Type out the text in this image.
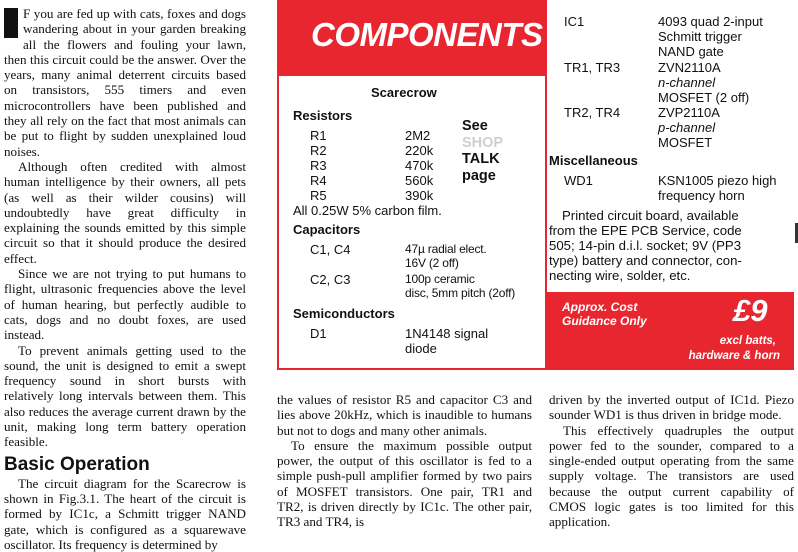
F you are fed up with cats, foxes and dogs wandering about in your garden breaking all the flowers and fouling your lawn, then this circuit could be the answer. Over the years, many animal deterrent circuits based on transistors, 555 timers and even microcontrollers have been published and they all rely on the fact that most animals can be put to flight by sudden unexplained loud noises.

Although often credited with almost human intelligence by their owners, all pets (as well as their wilder cousins) will undoubtedly have great difficulty in explaining the sounds emitted by this simple circuit so that it should produce the desired effect.

Since we are not trying to put humans to flight, ultrasonic frequencies above the level of human hearing, but perfectly audible to cats, dogs and no doubt foxes, are used instead.

To prevent animals getting used to the sound, the unit is designed to emit a swept frequency sound in short bursts with relatively long intervals between them. This also reduces the average current drawn by the unit, making long term battery operation feasible.

Basic Operation

The circuit diagram for the Scarecrow is shown in Fig.3.1. The heart of the circuit is formed by IC1c, a Schmitt trigger NAND gate, which is configured as a squarewave oscillator. Its frequency is determined by

COMPONENTS
Scarecrow
Resistors
R1	2M2
R2	220k
R3	470k
R4	560k
R5	390k
All 0.25W 5% carbon film.
See
SHOP
TALK
page
Capacitors
C1, C4	47µ radial elect.
16V (2 off)
C2, C3	100p ceramic
disc, 5mm pitch (2off)
Semiconductors
D1	1N4148 signal
diode
IC1	4093 quad 2-input
Schmitt trigger
NAND gate
TR1, TR3	ZVN2110A
n-channel
MOSFET (2 off)
TR2, TR4	ZVP2110A
p-channel
MOSFET
Miscellaneous
WD1	KSN1005 piezo high
frequency horn
Printed circuit board, available
from the EPE PCB Service, code
505; 14-pin d.i.l. socket; 9V (PP3
type) battery and connector, con-
necting wire, solder, etc.
Approx. Cost
Guidance Only	£9
excl batts,
hardware & horn

the values of resistor R5 and capacitor C3 and lies above 20kHz, which is inaudible to humans but not to dogs and many other animals.

To ensure the maximum possible output power, the output of this oscillator is fed to a simple push-pull amplifier formed by two pairs of MOSFET transistors. One pair, TR1 and TR2, is driven directly by IC1c. The other pair, TR3 and TR4, is

driven by the inverted output of IC1d. Piezo sounder WD1 is thus driven in bridge mode.

This effectively quadruples the output power fed to the sounder, compared to a single-ended output operating from the same supply voltage. The transistors are used because the output current capability of CMOS logic gates is too limited for this application.
